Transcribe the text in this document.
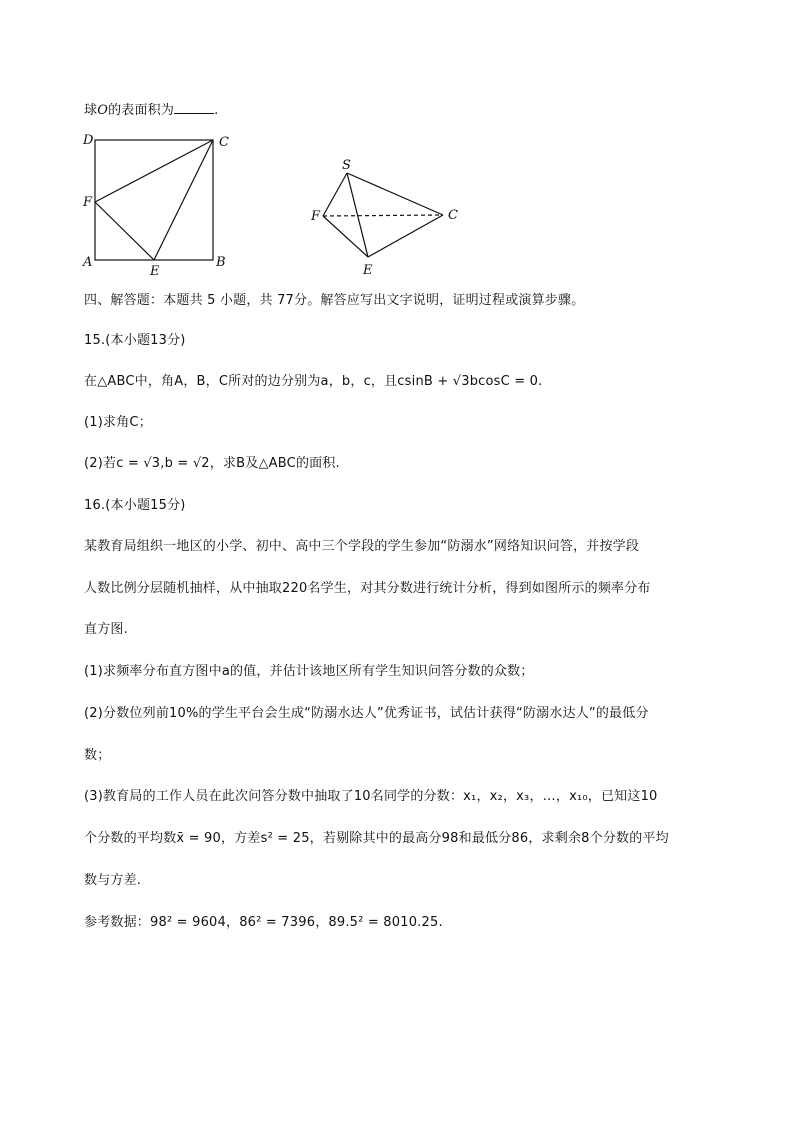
球O的表面积为	.
D	C
F
A
E
B
S
F	C
E
四、解答题：本题共 5 小题，共 77分。解答应写出文字说明，证明过程或演算步骤。
15.(本小题13分)
在△ABC中，角A，B，C所对的边分别为a，b，c，且csinB + √3bcosC = 0.
(1)求角C；
(2)若c = √3,b = √2，求B及△ABC的面积.
16.(本小题15分)
某教育局组织一地区的小学、初中、高中三个学段的学生参加“防溺水”网络知识问答，并按学段
人数比例分层随机抽样，从中抽取220名学生，对其分数进行统计分析，得到如图所示的频率分布
直方图.
(1)求频率分布直方图中a的值，并估计该地区所有学生知识问答分数的众数；
(2)分数位列前10%的学生平台会生成“防溺水达人”优秀证书，试估计获得“防溺水达人”的最低分
数；
(3)教育局的工作人员在此次问答分数中抽取了10名同学的分数：x₁，x₂，x₃，…，x₁₀，已知这10
个分数的平均数x̄ = 90，方差s² = 25，若剔除其中的最高分98和最低分86，求剩余8个分数的平均
数与方差.
参考数据：98² = 9604，86² = 7396，89.5² = 8010.25.
